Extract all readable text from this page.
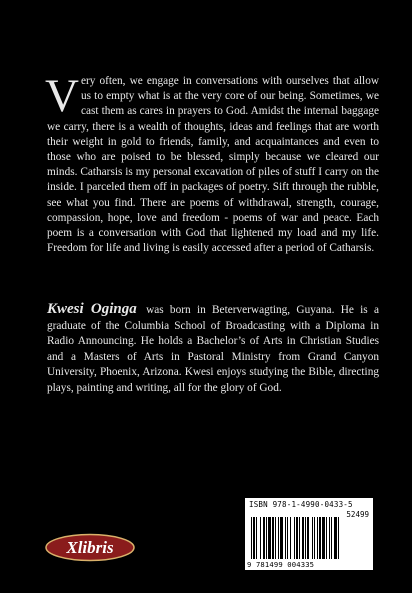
Very often, we engage in conversations with ourselves that allow us to empty what is at the very core of our being. Sometimes, we cast them as cares in prayers to God. Amidst the internal baggage we carry, there is a wealth of thoughts, ideas and feelings that are worth their weight in gold to friends, family, and acquaintances and even to those who are poised to be blessed, simply because we cleared our minds. Catharsis is my personal excavation of piles of stuff I carry on the inside. I parceled them off in packages of poetry. Sift through the rubble, see what you find. There are poems of withdrawal, strength, courage, compassion, hope, love and freedom - poems of war and peace. Each poem is a conversation with God that lightened my load and my life. Freedom for life and living is easily accessed after a period of Catharsis.

Kwesi Oginga was born in Beterverwagting, Guyana. He is a graduate of the Columbia School of Broadcasting with a Diploma in Radio Announcing. He holds a Bachelor’s of Arts in Christian Studies and a Masters of Arts in Pastoral Ministry from Grand Canyon University, Phoenix, Arizona. Kwesi enjoys studying the Bible, directing plays, painting and writing, all for the glory of God.

ISBN 978-1-4990-0433-5
52499
9 781499 004335
Xlibris
